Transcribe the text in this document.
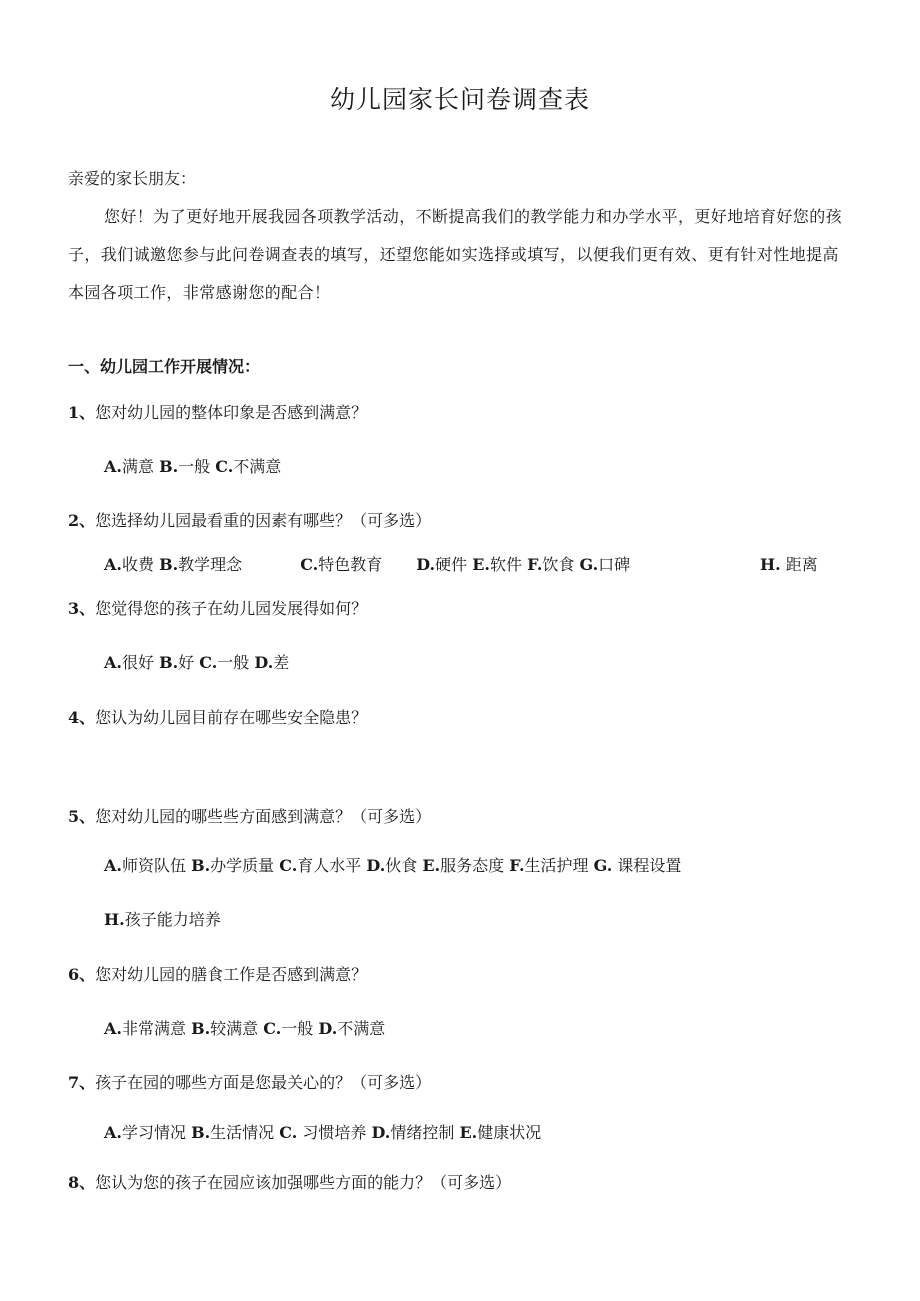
幼儿园家长问卷调查表
亲爱的家长朋友：

您好！为了更好地开展我园各项教学活动，不断提高我们的教学能力和办学水平，更好地培育好您的孩子，我们诚邀您参与此问卷调查表的填写，还望您能如实选择或填写，以便我们更有效、更有针对性地提高本园各项工作，非常感谢您的配合！

一、幼儿园工作开展情况：
1、您对幼儿园的整体印象是否感到满意？
A.满意 B.一般 C.不满意
2、您选择幼儿园最看重的因素有哪些？（可多选）
A.收费 B.教学理念	C.特色教育 D.硬件 E.软件 F.饮食 G.口碑	H. 距离
3、您觉得您的孩子在幼儿园发展得如何？
A.很好 B.好 C.一般 D.差
4、您认为幼儿园目前存在哪些安全隐患？
5、您对幼儿园的哪些些方面感到满意？（可多选）
A.师资队伍 B.办学质量 C.育人水平 D.伙食 E.服务态度 F.生活护理 G. 课程设置
H.孩子能力培养
6、您对幼儿园的膳食工作是否感到满意？
A.非常满意 B.较满意 C.一般 D.不满意
7、孩子在园的哪些方面是您最关心的？（可多选）
A.学习情况 B.生活情况 C. 习惯培养 D.情绪控制 E.健康状况
8、您认为您的孩子在园应该加强哪些方面的能力？（可多选）
